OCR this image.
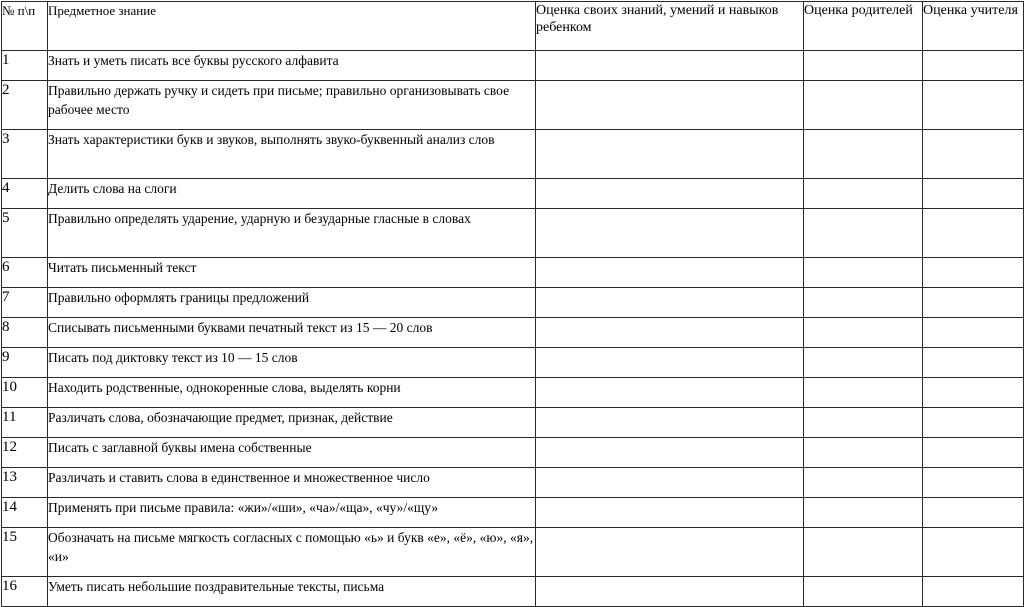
№ п\п	Предметное знание	Оценка своих знаний, умений и навыков ребенком	Оценка родителей	Оценка учителя
1	Знать и уметь писать все буквы русского алфавита			
2	Правильно держать ручку и сидеть при письме; правильно организовывать свое рабочее место			
3	Знать характеристики букв и звуков, выполнять звуко-буквенный анализ слов			
4	Делить слова на слоги			
5	Правильно определять ударение, ударную и безударные гласные в словах			
6	Читать письменный текст			
7	Правильно оформлять границы предложений			
8	Списывать письменными буквами печатный текст из 15 — 20 слов			
9	Писать под диктовку текст из 10 — 15 слов			
10	Находить родственные, однокоренные слова, выделять корни			
11	Различать слова, обозначающие предмет, признак, действие			
12	Писать с заглавной буквы имена собственные			
13	Различать и ставить слова в единственное и множественное число			
14	Применять при письме правила: «жи»/«ши», «ча»/«ща», «чу»/«щу»			
15	Обозначать на письме мягкость согласных с помощью «ь» и букв «е», «ё», «ю», «я», «и»			
16	Уметь писать небольшие поздравительные тексты, письма			
